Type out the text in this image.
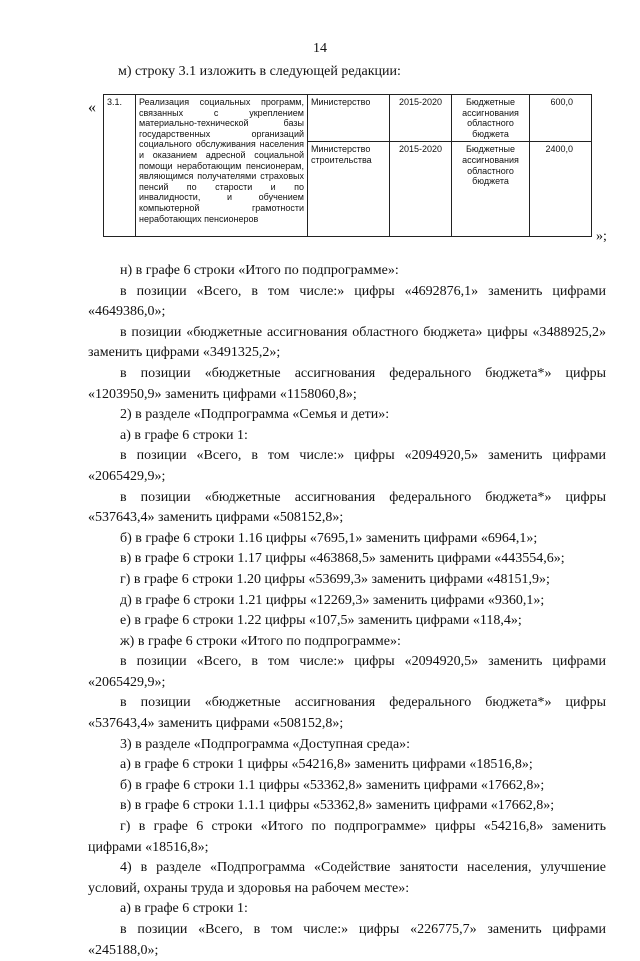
14
м) строку 3.1 изложить в следующей редакции:
« 3.1.	Реализация социальных программ, связанных с укреплением материально-технической базы государственных организаций социального обслуживания населения и оказанием адресной социальной помощи неработающим пенсионерам, являющимся получателями страховых пенсий по старости и по инвалидности, и обучением компьютерной грамотности неработающих пенсионеров	Министерство	2015-2020	Бюджетные ассигнования областного бюджета	600,0
		Министерство строительства	2015-2020	Бюджетные ассигнования областного бюджета	2400,0
»;

н) в графе 6 строки «Итого по подпрограмме»:

в позиции «Всего, в том числе:» цифры «4692876,1» заменить цифрами «4649386,0»;

в позиции «бюджетные ассигнования областного бюджета» цифры «3488925,2» заменить цифрами «3491325,2»;

в позиции «бюджетные ассигнования федерального бюджета*» цифры «1203950,9» заменить цифрами «1158060,8»;

2) в разделе «Подпрограмма «Семья и дети»:

а) в графе 6 строки 1:

в позиции «Всего, в том числе:» цифры «2094920,5» заменить цифрами «2065429,9»;

в позиции «бюджетные ассигнования федерального бюджета*» цифры «537643,4» заменить цифрами «508152,8»;

б) в графе 6 строки 1.16 цифры «7695,1» заменить цифрами «6964,1»;

в) в графе 6 строки 1.17 цифры «463868,5» заменить цифрами «443554,6»;

г) в графе 6 строки 1.20 цифры «53699,3» заменить цифрами «48151,9»;

д) в графе 6 строки 1.21 цифры «12269,3» заменить цифрами «9360,1»;

е) в графе 6 строки 1.22 цифры «107,5» заменить цифрами «118,4»;

ж) в графе 6 строки «Итого по подпрограмме»:

в позиции «Всего, в том числе:» цифры «2094920,5» заменить цифрами «2065429,9»;

в позиции «бюджетные ассигнования федерального бюджета*» цифры «537643,4» заменить цифрами «508152,8»;

3) в разделе «Подпрограмма «Доступная среда»:

а) в графе 6 строки 1 цифры «54216,8» заменить цифрами «18516,8»;

б) в графе 6 строки 1.1 цифры «53362,8» заменить цифрами «17662,8»;

в) в графе 6 строки 1.1.1 цифры «53362,8» заменить цифрами «17662,8»;

г) в графе 6 строки «Итого по подпрограмме» цифры «54216,8» заменить цифрами «18516,8»;

4) в разделе «Подпрограмма «Содействие занятости населения, улучшение условий, охраны труда и здоровья на рабочем месте»:

а) в графе 6 строки 1:

в позиции «Всего, в том числе:» цифры «226775,7» заменить цифрами «245188,0»;
